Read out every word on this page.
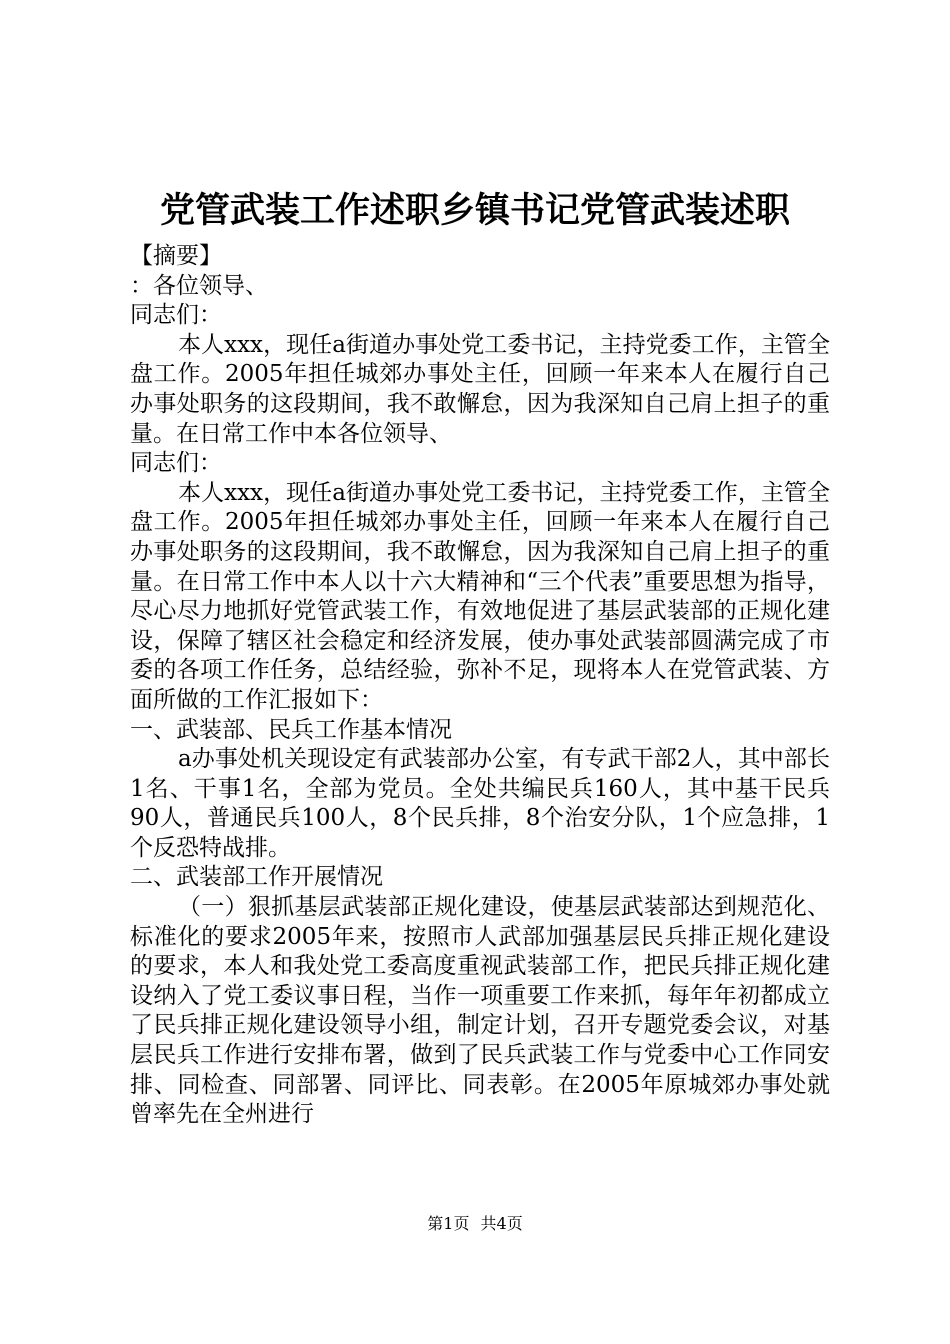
党管武装工作述职乡镇书记党管武装述职

【摘要】

：各位领导、

同志们：

本人xxx，现任a街道办事处党工委书记，主持党委工作，主管全盘工作。2005年担任城郊办事处主任，回顾一年来本人在履行自己办事处职务的这段期间，我不敢懈怠，因为我深知自己肩上担子的重量。在日常工作中本各位领导、

同志们：

本人xxx，现任a街道办事处党工委书记，主持党委工作，主管全盘工作。2005年担任城郊办事处主任，回顾一年来本人在履行自己办事处职务的这段期间，我不敢懈怠，因为我深知自己肩上担子的重量。在日常工作中本人以十六大精神和“三个代表”重要思想为指导，尽心尽力地抓好党管武装工作，有效地促进了基层武装部的正规化建设，保障了辖区社会稳定和经济发展，使办事处武装部圆满完成了市委的各项工作任务，总结经验，弥补不足，现将本人在党管武装、方面所做的工作汇报如下：

一、武装部、民兵工作基本情况

a办事处机关现设定有武装部办公室，有专武干部2人，其中部长1名、干事1名，全部为党员。全处共编民兵160人，其中基干民兵90人，普通民兵100人，8个民兵排，8个治安分队，1个应急排，1个反恐特战排。

二、武装部工作开展情况

（一）狠抓基层武装部正规化建设，使基层武装部达到规范化、标准化的要求2005年来，按照市人武部加强基层民兵排正规化建设的要求，本人和我处党工委高度重视武装部工作，把民兵排正规化建设纳入了党工委议事日程，当作一项重要工作来抓，每年年初都成立了民兵排正规化建设领导小组，制定计划，召开专题党委会议，对基层民兵工作进行安排布署，做到了民兵武装工作与党委中心工作同安排、同检查、同部署、同评比、同表彰。在2005年原城郊办事处就曾率先在全州进行

第1页 共4页
